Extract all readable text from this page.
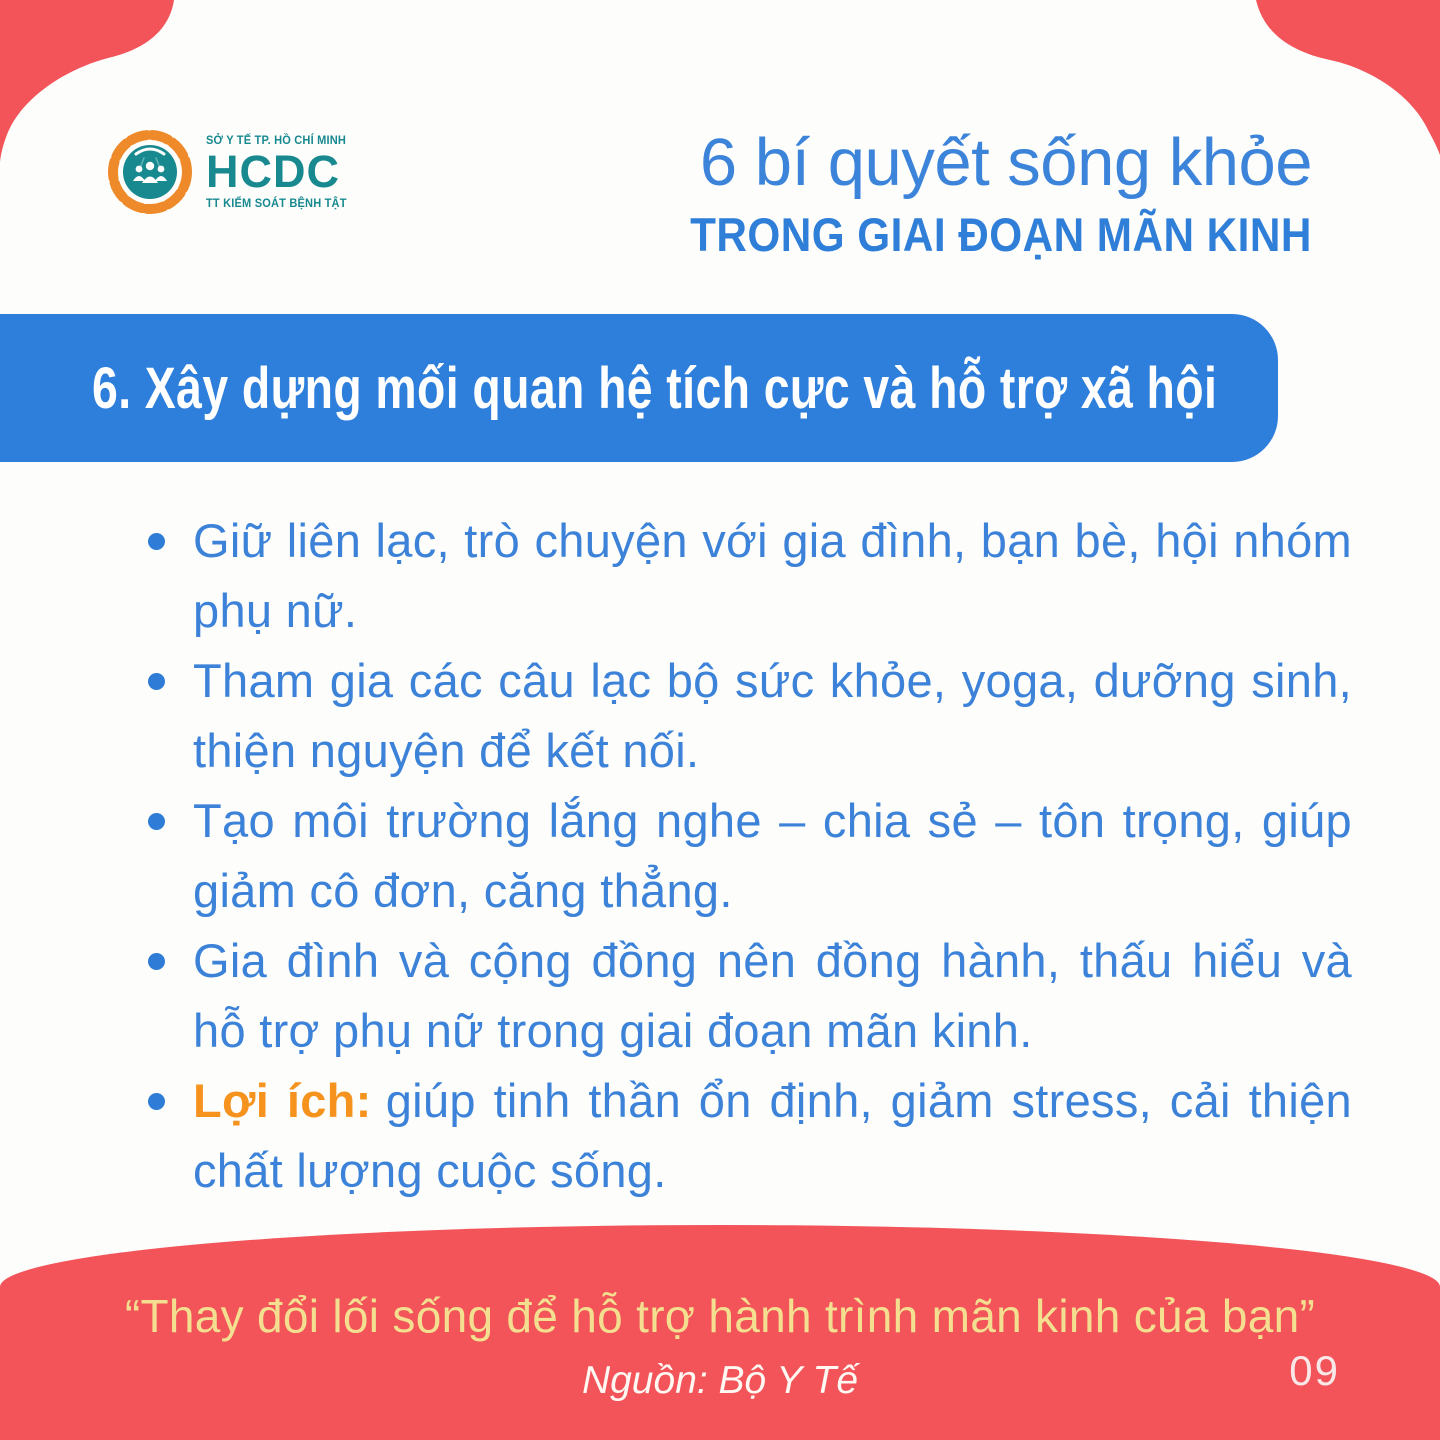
SỞ Y TẾ TP. HỒ CHÍ MINH
HCDC
TT KIỂM SOÁT BỆNH TẬT
6 bí quyết sống khỏe
TRONG GIAI ĐOẠN MÃN KINH
6. Xây dựng mối quan hệ tích cực và hỗ trợ xã hội

Giữ liên lạc, trò chuyện với gia đình, bạn bè, hội nhóm phụ nữ.

Tham gia các câu lạc bộ sức khỏe, yoga, dưỡng sinh, thiện nguyện để kết nối.

Tạo môi trường lắng nghe – chia sẻ – tôn trọng, giúp giảm cô đơn, căng thẳng.

Gia đình và cộng đồng nên đồng hành, thấu hiểu và hỗ trợ phụ nữ trong giai đoạn mãn kinh.

Lợi ích: giúp tinh thần ổn định, giảm stress, cải thiện chất lượng cuộc sống.

“Thay đổi lối sống để hỗ trợ hành trình mãn kinh của bạn”
Nguồn: Bộ Y Tế	09
